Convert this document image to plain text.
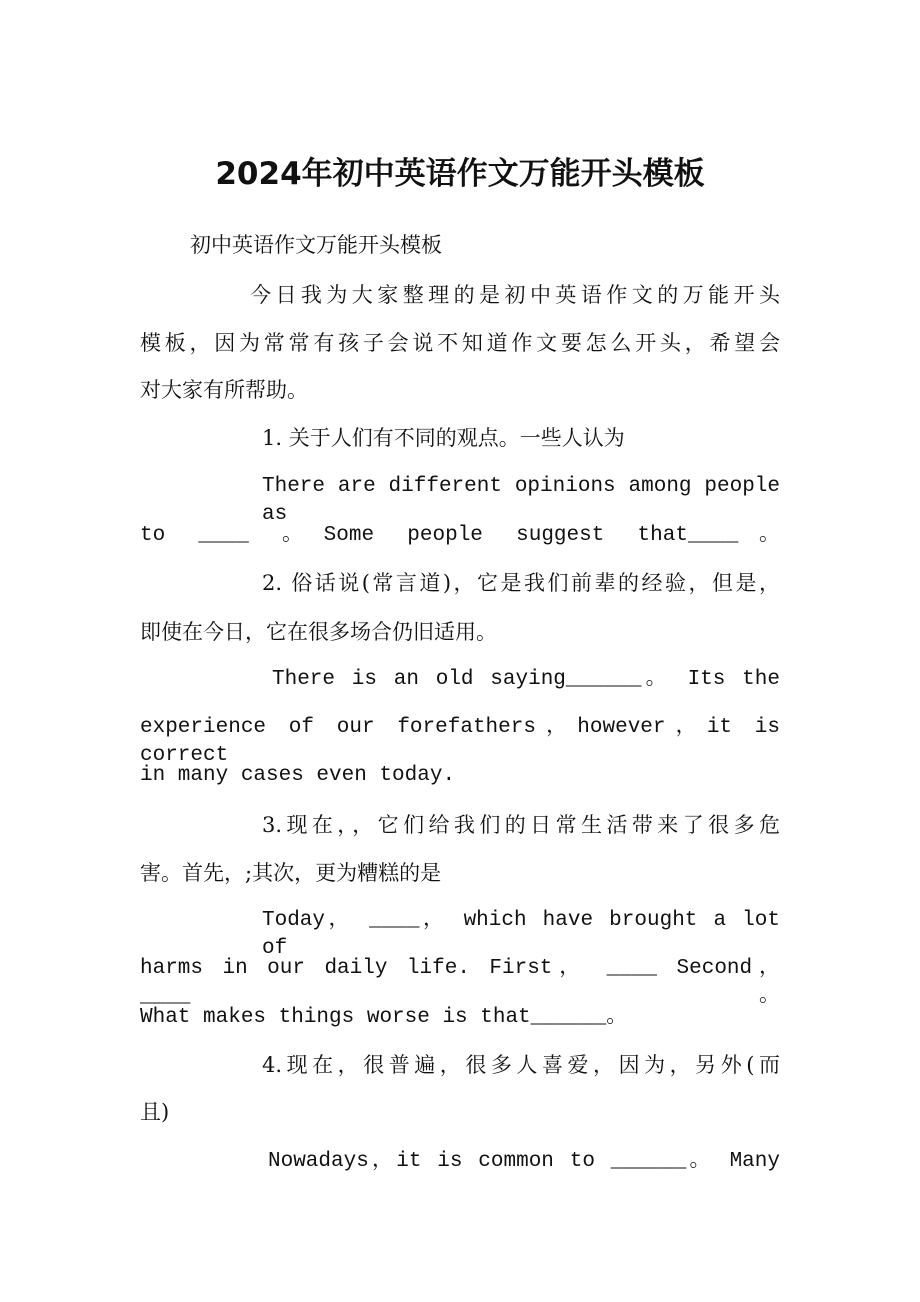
2024年初中英语作文万能开头模板
初中英语作文万能开头模板
今日我为大家整理的是初中英语作文的万能开头
模板，因为常常有孩子会说不知道作文要怎么开头，希望会
对大家有所帮助。
1. 关于人们有不同的观点。一些人认为
There are different opinions among people as
to ____ 。Some people suggest that____。
2. 俗话说(常言道)，它是我们前辈的经验，但是，
即使在今日，它在很多场合仍旧适用。
There is an old saying______。 Its the
experience of our forefathers，however，it is correct
in many cases even today.
3.现在，，它们给我们的日常生活带来了很多危
害。首先，;其次，更为糟糕的是
Today， ____， which have brought a lot of
harms in our daily life. First， ____ Second，____。
What makes things worse is that______。
4.现在，很普遍，很多人喜爱，因为，另外(而
且)
Nowadays，it is common to ______。 Many
